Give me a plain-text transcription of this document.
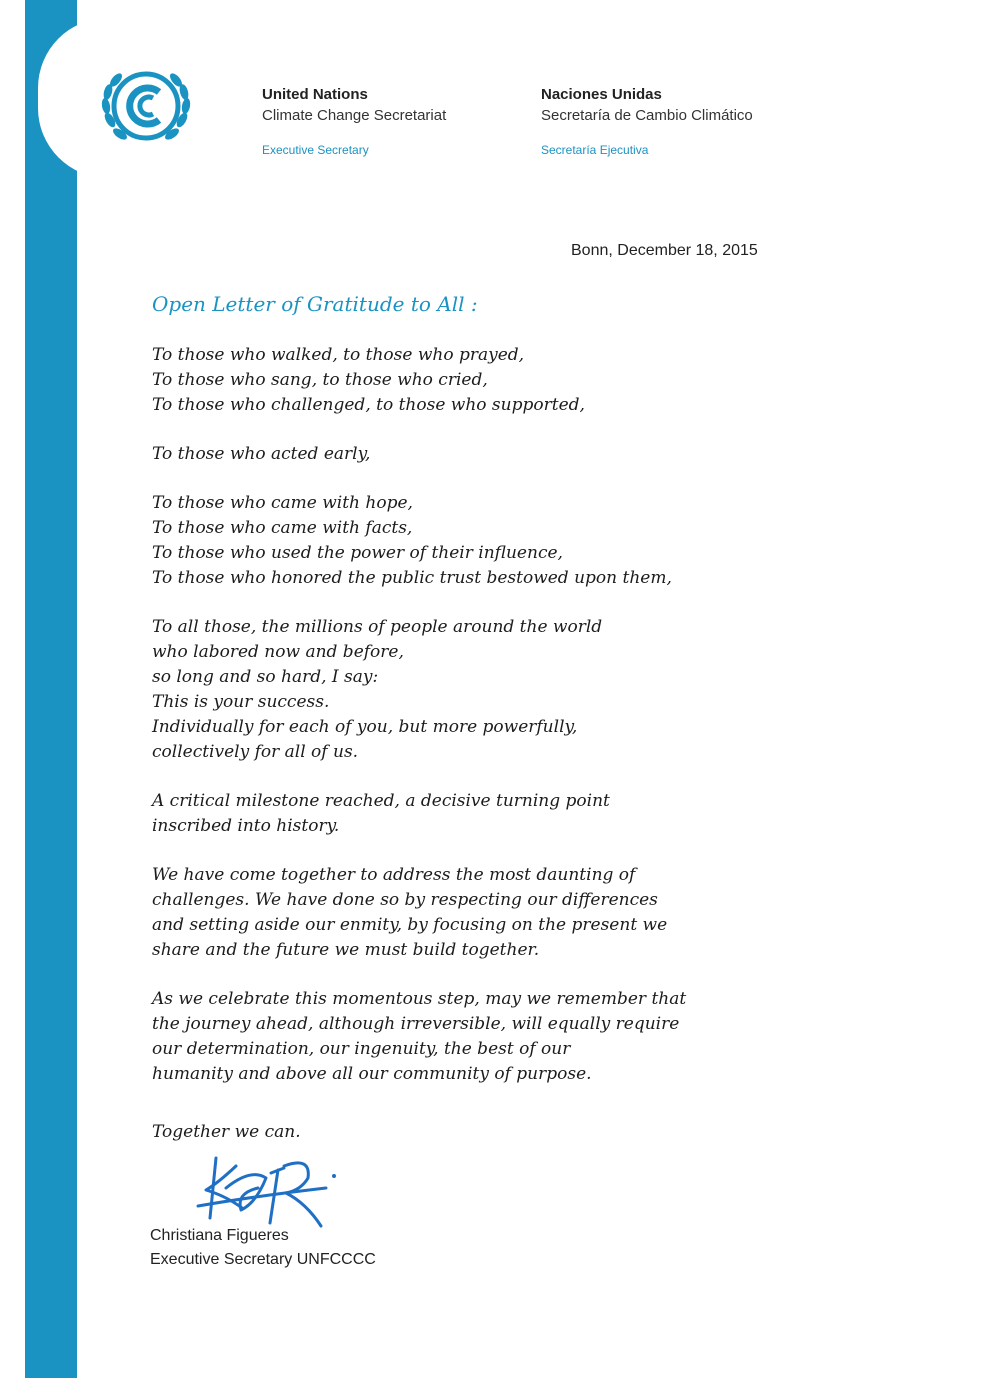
United Nations
Climate Change Secretariat
Executive Secretary
Naciones Unidas
Secretaría de Cambio Climático
Secretaría Ejecutiva
Bonn, December 18, 2015
Open Letter of Gratitude to All :

To those who walked, to those who prayed,
To those who sang, to those who cried,
To those who challenged, to those who supported,

To those who acted early,

To those who came with hope,
To those who came with facts,
To those who used the power of their influence,
To those who honored the public trust bestowed upon them,

To all those, the millions of people around the world
who labored now and before,
so long and so hard, I say:
This is your success.
Individually for each of you, but more powerfully,
collectively for all of us.

A critical milestone reached, a decisive turning point
inscribed into history.

We have come together to address the most daunting of
challenges. We have done so by respecting our differences
and setting aside our enmity, by focusing on the present we
share and the future we must build together.

As we celebrate this momentous step, may we remember that
the journey ahead, although irreversible, will equally require
our determination, our ingenuity, the best of our
humanity and above all our community of purpose.

Together we can.
Christiana Figueres
Executive Secretary UNFCCCC
